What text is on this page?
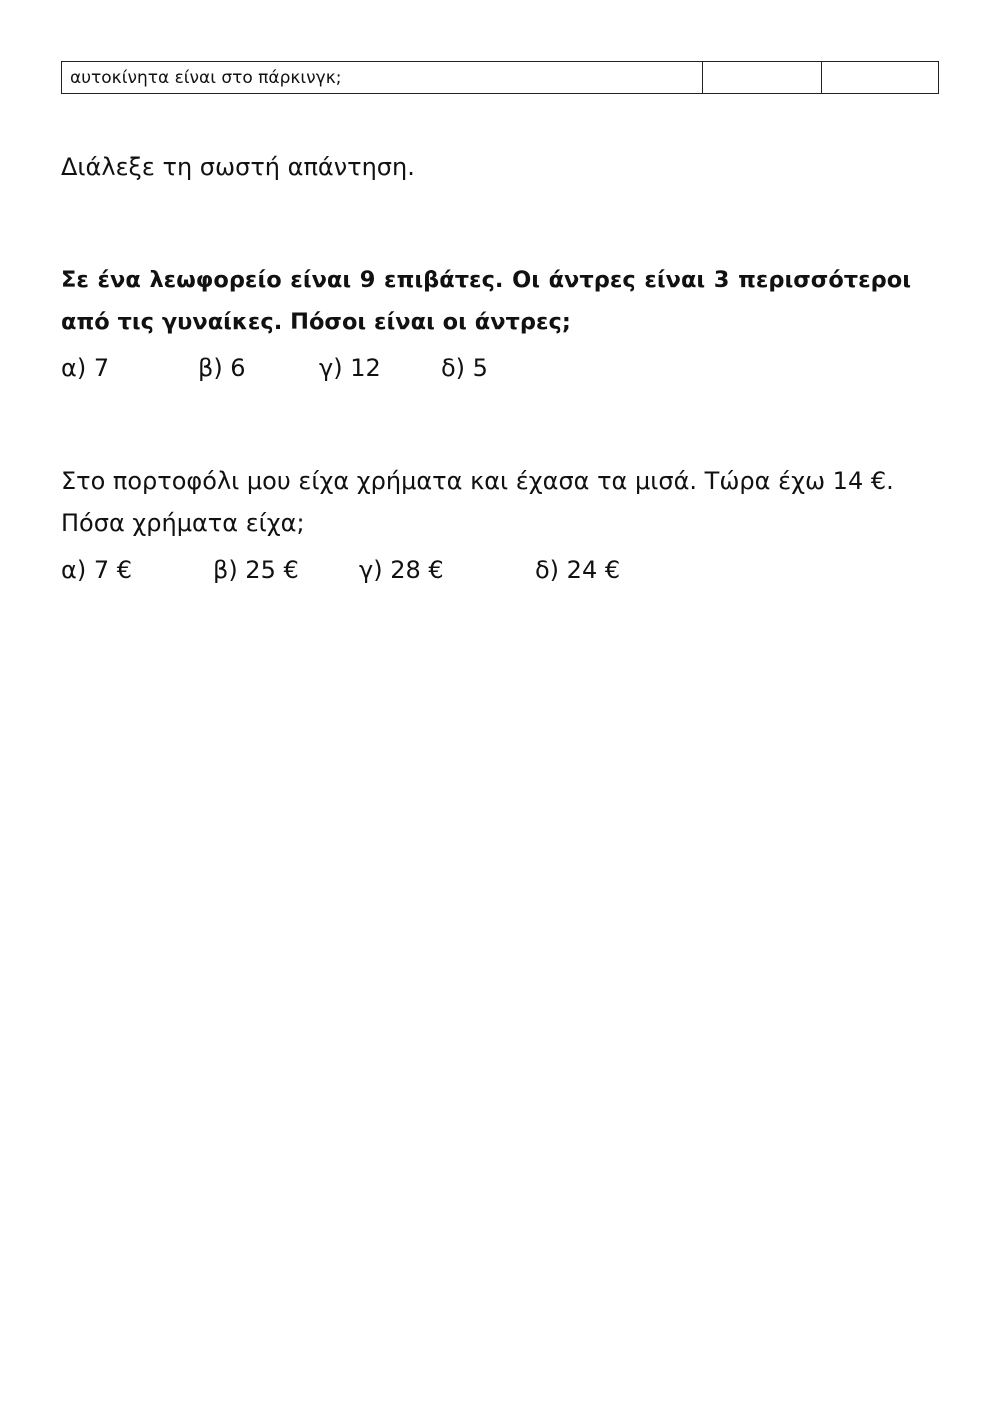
αυτοκίνητα είναι στο πάρκινγκ;		

Διάλεξε τη σωστή απάντηση.

Σε ένα λεωφορείο είναι 9 επιβάτες. Οι άντρες είναι 3 περισσότεροι
από τις γυναίκες. Πόσοι είναι οι άντρες;

α) 7	β) 6	γ) 12	δ) 5

Στο πορτοφόλι μου είχα χρήματα και έχασα τα μισά. Τώρα έχω 14 €.
Πόσα χρήματα είχα;

α) 7 €	β) 25 €	γ) 28 €	δ) 24 €
